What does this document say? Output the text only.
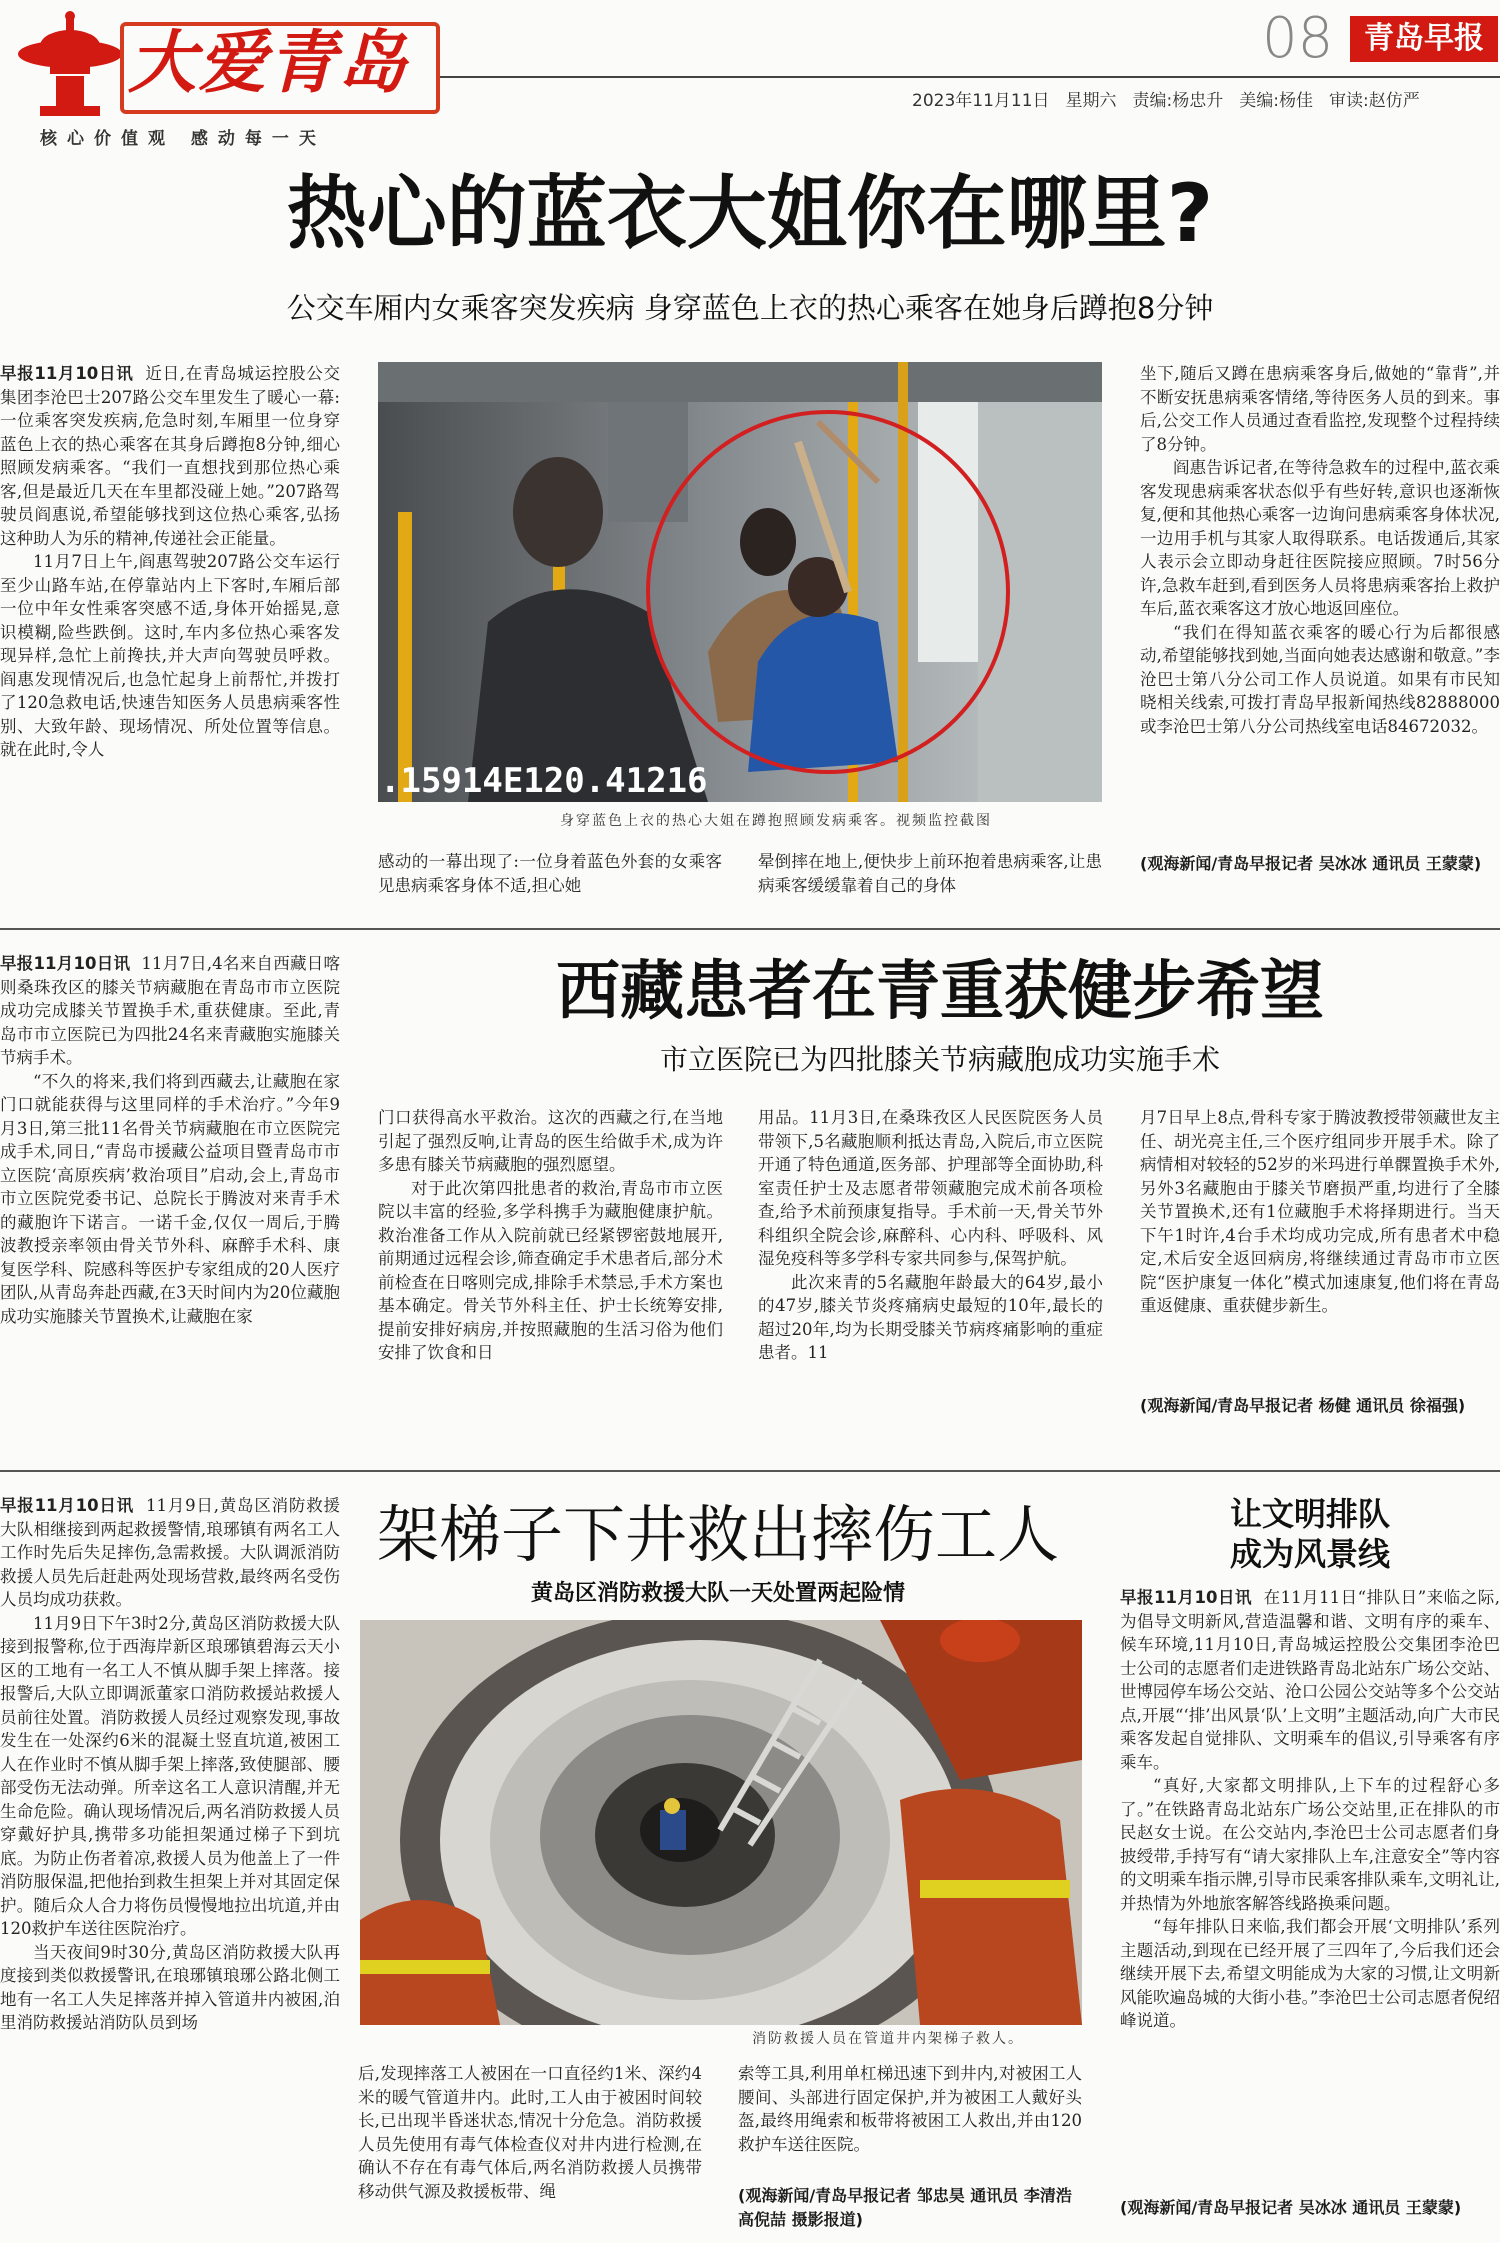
大爱青岛
核心价值观 感动每一天
08	青岛早报
2023年11月11日 星期六 责编:杨忠升 美编:杨佳 审读:赵仿严
热心的蓝衣大姐你在哪里?
公交车厢内女乘客突发疾病 身穿蓝色上衣的热心乘客在她身后蹲抱8分钟

早报11月10日讯 近日,在青岛城运控股公交集团李沧巴士207路公交车里发生了暖心一幕:一位乘客突发疾病,危急时刻,车厢里一位身穿蓝色上衣的热心乘客在其身后蹲抱8分钟,细心照顾发病乘客。“我们一直想找到那位热心乘客,但是最近几天在车里都没碰上她。”207路驾驶员阎惠说,希望能够找到这位热心乘客,弘扬这种助人为乐的精神,传递社会正能量。

11月7日上午,阎惠驾驶207路公交车运行至少山路车站,在停靠站内上下客时,车厢后部一位中年女性乘客突感不适,身体开始摇晃,意识模糊,险些跌倒。这时,车内多位热心乘客发现异样,急忙上前搀扶,并大声向驾驶员呼救。阎惠发现情况后,也急忙起身上前帮忙,并拨打了120急救电话,快速告知医务人员患病乘客性别、大致年龄、现场情况、所处位置等信息。就在此时,令人

.15914E120.41216
身穿蓝色上衣的热心大姐在蹲抱照顾发病乘客。视频监控截图

感动的一幕出现了:一位身着蓝色外套的女乘客见患病乘客身体不适,担心她

晕倒摔在地上,便快步上前环抱着患病乘客,让患病乘客缓缓靠着自己的身体

坐下,随后又蹲在患病乘客身后,做她的“靠背”,并不断安抚患病乘客情绪,等待医务人员的到来。事后,公交工作人员通过查看监控,发现整个过程持续了8分钟。

阎惠告诉记者,在等待急救车的过程中,蓝衣乘客发现患病乘客状态似乎有些好转,意识也逐渐恢复,便和其他热心乘客一边询问患病乘客身体状况,一边用手机与其家人取得联系。电话拨通后,其家人表示会立即动身赶往医院接应照顾。7时56分许,急救车赶到,看到医务人员将患病乘客抬上救护车后,蓝衣乘客这才放心地返回座位。

“我们在得知蓝衣乘客的暖心行为后都很感动,希望能够找到她,当面向她表达感谢和敬意。”李沧巴士第八分公司工作人员说道。如果有市民知晓相关线索,可拨打青岛早报新闻热线82888000或李沧巴士第八分公司热线室电话84672032。

(观海新闻/青岛早报记者 吴冰冰 通讯员 王蒙蒙)

早报11月10日讯 11月7日,4名来自西藏日喀则桑珠孜区的膝关节病藏胞在青岛市市立医院成功完成膝关节置换手术,重获健康。至此,青岛市市立医院已为四批24名来青藏胞实施膝关节病手术。

“不久的将来,我们将到西藏去,让藏胞在家门口就能获得与这里同样的手术治疗。”今年9月3日,第三批11名骨关节病藏胞在市立医院完成手术,同日,“青岛市援藏公益项目暨青岛市市立医院‘高原疾病’救治项目”启动,会上,青岛市市立医院党委书记、总院长于腾波对来青手术的藏胞许下诺言。一诺千金,仅仅一周后,于腾波教授亲率领由骨关节外科、麻醉手术科、康复医学科、院感科等医护专家组成的20人医疗团队,从青岛奔赴西藏,在3天时间内为20位藏胞成功实施膝关节置换术,让藏胞在家

西藏患者在青重获健步希望
市立医院已为四批膝关节病藏胞成功实施手术

门口获得高水平救治。这次的西藏之行,在当地引起了强烈反响,让青岛的医生给做手术,成为许多患有膝关节病藏胞的强烈愿望。

对于此次第四批患者的救治,青岛市市立医院以丰富的经验,多学科携手为藏胞健康护航。救治准备工作从入院前就已经紧锣密鼓地展开,前期通过远程会诊,筛查确定手术患者后,部分术前检查在日喀则完成,排除手术禁忌,手术方案也基本确定。骨关节外科主任、护士长统筹安排,提前安排好病房,并按照藏胞的生活习俗为他们安排了饮食和日

用品。11月3日,在桑珠孜区人民医院医务人员带领下,5名藏胞顺利抵达青岛,入院后,市立医院开通了特色通道,医务部、护理部等全面协助,科室责任护士及志愿者带领藏胞完成术前各项检查,给予术前预康复指导。手术前一天,骨关节外科组织全院会诊,麻醉科、心内科、呼吸科、风湿免疫科等多学科专家共同参与,保驾护航。

此次来青的5名藏胞年龄最大的64岁,最小的47岁,膝关节炎疼痛病史最短的10年,最长的超过20年,均为长期受膝关节病疼痛影响的重症患者。11

月7日早上8点,骨科专家于腾波教授带领藏世友主任、胡光亮主任,三个医疗组同步开展手术。除了病情相对较轻的52岁的米玛进行单髁置换手术外,另外3名藏胞由于膝关节磨损严重,均进行了全膝关节置换术,还有1位藏胞手术将择期进行。当天下午1时许,4台手术均成功完成,所有患者术中稳定,术后安全返回病房,将继续通过青岛市市立医院“医护康复一体化”模式加速康复,他们将在青岛重返健康、重获健步新生。

(观海新闻/青岛早报记者 杨健 通讯员 徐福强)

早报11月10日讯 11月9日,黄岛区消防救援大队相继接到两起救援警情,琅琊镇有两名工人工作时先后失足摔伤,急需救援。大队调派消防救援人员先后赶赴两处现场营救,最终两名受伤人员均成功获救。

11月9日下午3时2分,黄岛区消防救援大队接到报警称,位于西海岸新区琅琊镇碧海云天小区的工地有一名工人不慎从脚手架上摔落。接报警后,大队立即调派董家口消防救援站救援人员前往处置。消防救援人员经过观察发现,事故发生在一处深约6米的混凝土竖直坑道,被困工人在作业时不慎从脚手架上摔落,致使腿部、腰部受伤无法动弹。所幸这名工人意识清醒,并无生命危险。确认现场情况后,两名消防救援人员穿戴好护具,携带多功能担架通过梯子下到坑底。为防止伤者着凉,救援人员为他盖上了一件消防服保温,把他抬到救生担架上并对其固定保护。随后众人合力将伤员慢慢地拉出坑道,并由120救护车送往医院治疗。

当天夜间9时30分,黄岛区消防救援大队再度接到类似救援警讯,在琅琊镇琅琊公路北侧工地有一名工人失足摔落并掉入管道井内被困,泊里消防救援站消防队员到场

架梯子下井救出摔伤工人
黄岛区消防救援大队一天处置两起险情
消防救援人员在管道井内架梯子救人。

后,发现摔落工人被困在一口直径约1米、深约4米的暖气管道井内。此时,工人由于被困时间较长,已出现半昏迷状态,情况十分危急。消防救援人员先使用有毒气体检查仪对井内进行检测,在确认不存在有毒气体后,两名消防救援人员携带移动供气源及救援板带、绳

索等工具,利用单杠梯迅速下到井内,对被困工人腰间、头部进行固定保护,并为被困工人戴好头盔,最终用绳索和板带将被困工人救出,并由120救护车送往医院。

(观海新闻/青岛早报记者 邹忠昊 通讯员 李清浩 高倪喆 摄影报道)
让文明排队
成为风景线

早报11月10日讯 在11月11日“排队日”来临之际,为倡导文明新风,营造温馨和谐、文明有序的乘车、候车环境,11月10日,青岛城运控股公交集团李沧巴士公司的志愿者们走进铁路青岛北站东广场公交站、世博园停车场公交站、沧口公园公交站等多个公交站点,开展“‘排’出风景‘队’上文明”主题活动,向广大市民乘客发起自觉排队、文明乘车的倡议,引导乘客有序乘车。

“真好,大家都文明排队,上下车的过程舒心多了。”在铁路青岛北站东广场公交站里,正在排队的市民赵女士说。在公交站内,李沧巴士公司志愿者们身披绶带,手持写有“请大家排队上车,注意安全”等内容的文明乘车指示牌,引导市民乘客排队乘车,文明礼让,并热情为外地旅客解答线路换乘问题。

“每年排队日来临,我们都会开展‘文明排队’系列主题活动,到现在已经开展了三四年了,今后我们还会继续开展下去,希望文明能成为大家的习惯,让文明新风能吹遍岛城的大街小巷。”李沧巴士公司志愿者倪绍峰说道。

(观海新闻/青岛早报记者 吴冰冰 通讯员 王蒙蒙)
